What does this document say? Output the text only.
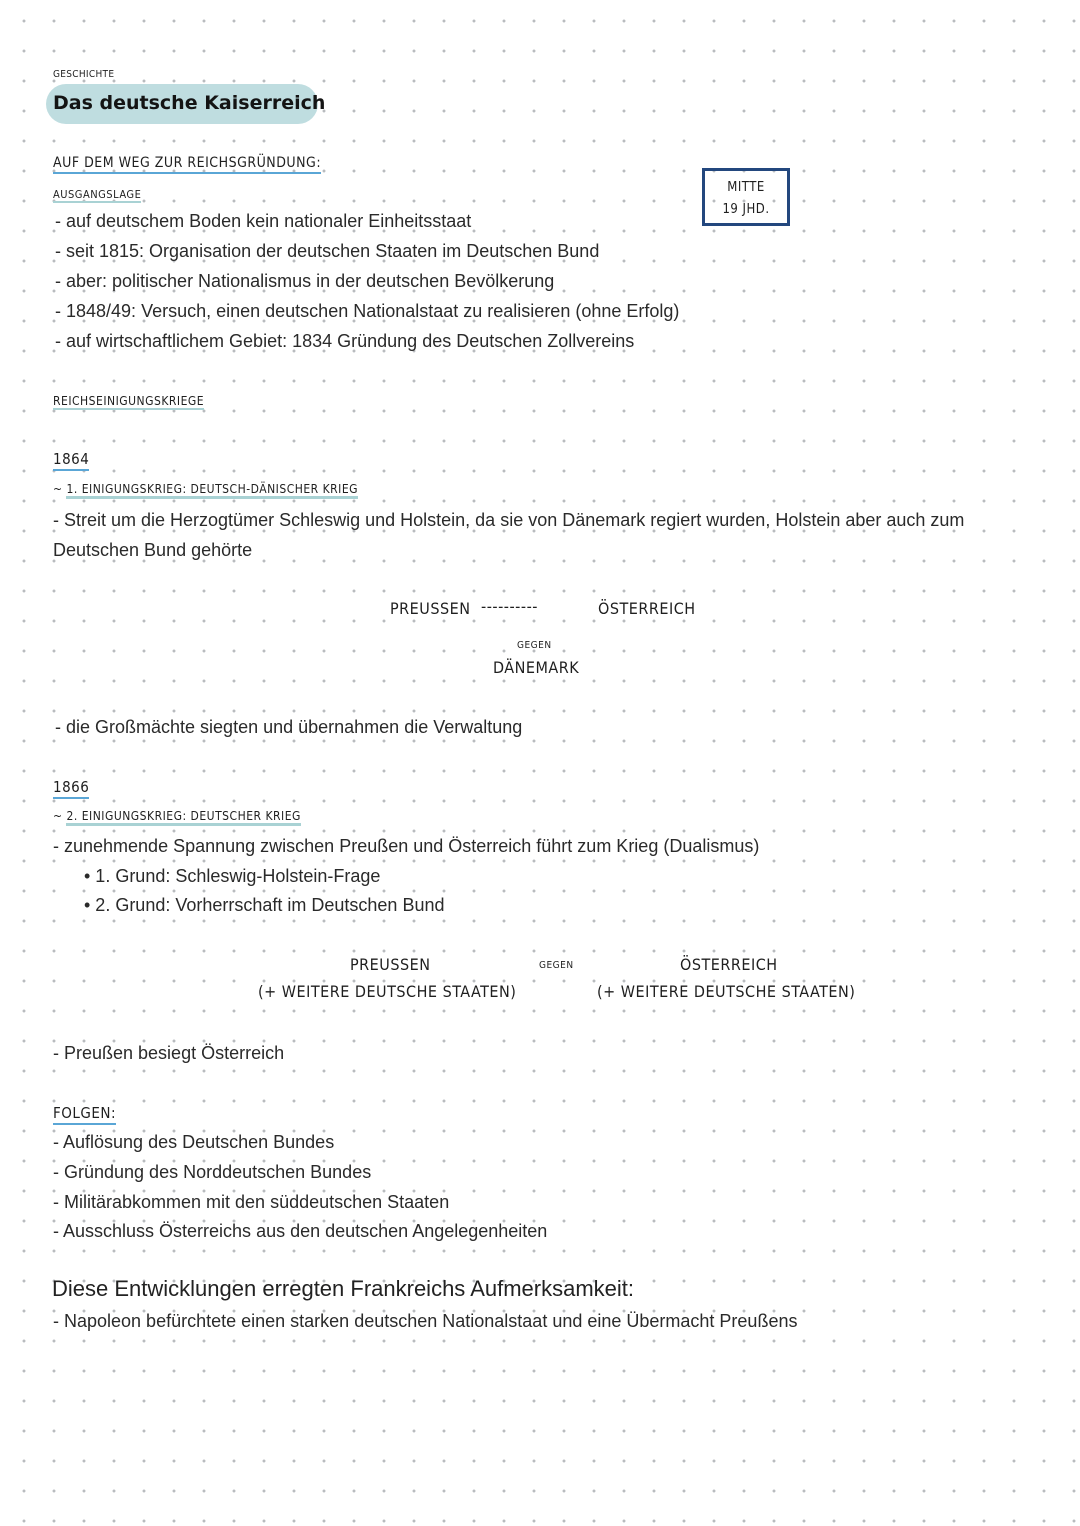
GESCHICHTE
Das deutsche Kaiserreich
AUF DEM WEG ZUR REICHSGRÜNDUNG:
AUSGANGSLAGE	MITTE
19 JHD.
- auf deutschem Boden kein nationaler Einheitsstaat
- seit 1815: Organisation der deutschen Staaten im Deutschen Bund
- aber: politischer Nationalismus in der deutschen Bevölkerung
- 1848/49: Versuch, einen deutschen Nationalstaat zu realisieren (ohne Erfolg)
- auf wirtschaftlichem Gebiet: 1834 Gründung des Deutschen Zollvereins
REICHSEINIGUNGSKRIEGE
1864
~ 1. EINIGUNGSKRIEG: DEUTSCH-DÄNISCHER KRIEG
- Streit um die Herzogtümer Schleswig und Holstein, da sie von Dänemark regiert wurden, Holstein aber auch zum
Deutschen Bund gehörte
PREUSSEN ----------	ÖSTERREICH
GEGEN
DÄNEMARK
- die Großmächte siegten und übernahmen die Verwaltung
1866
~ 2. EINIGUNGSKRIEG: DEUTSCHER KRIEG
- zunehmende Spannung zwischen Preußen und Österreich führt zum Krieg (Dualismus)
• 1. Grund: Schleswig-Holstein-Frage
• 2. Grund: Vorherrschaft im Deutschen Bund
PREUSSEN
(+ WEITERE DEUTSCHE STAATEN)
GEGEN	ÖSTERREICH
(+ WEITERE DEUTSCHE STAATEN)
- Preußen besiegt Österreich
FOLGEN:
- Auflösung des Deutschen Bundes
- Gründung des Norddeutschen Bundes
- Militärabkommen mit den süddeutschen Staaten
- Ausschluss Österreichs aus den deutschen Angelegenheiten
Diese Entwicklungen erregten Frankreichs Aufmerksamkeit:
- Napoleon befürchtete einen starken deutschen Nationalstaat und eine Übermacht Preußens
